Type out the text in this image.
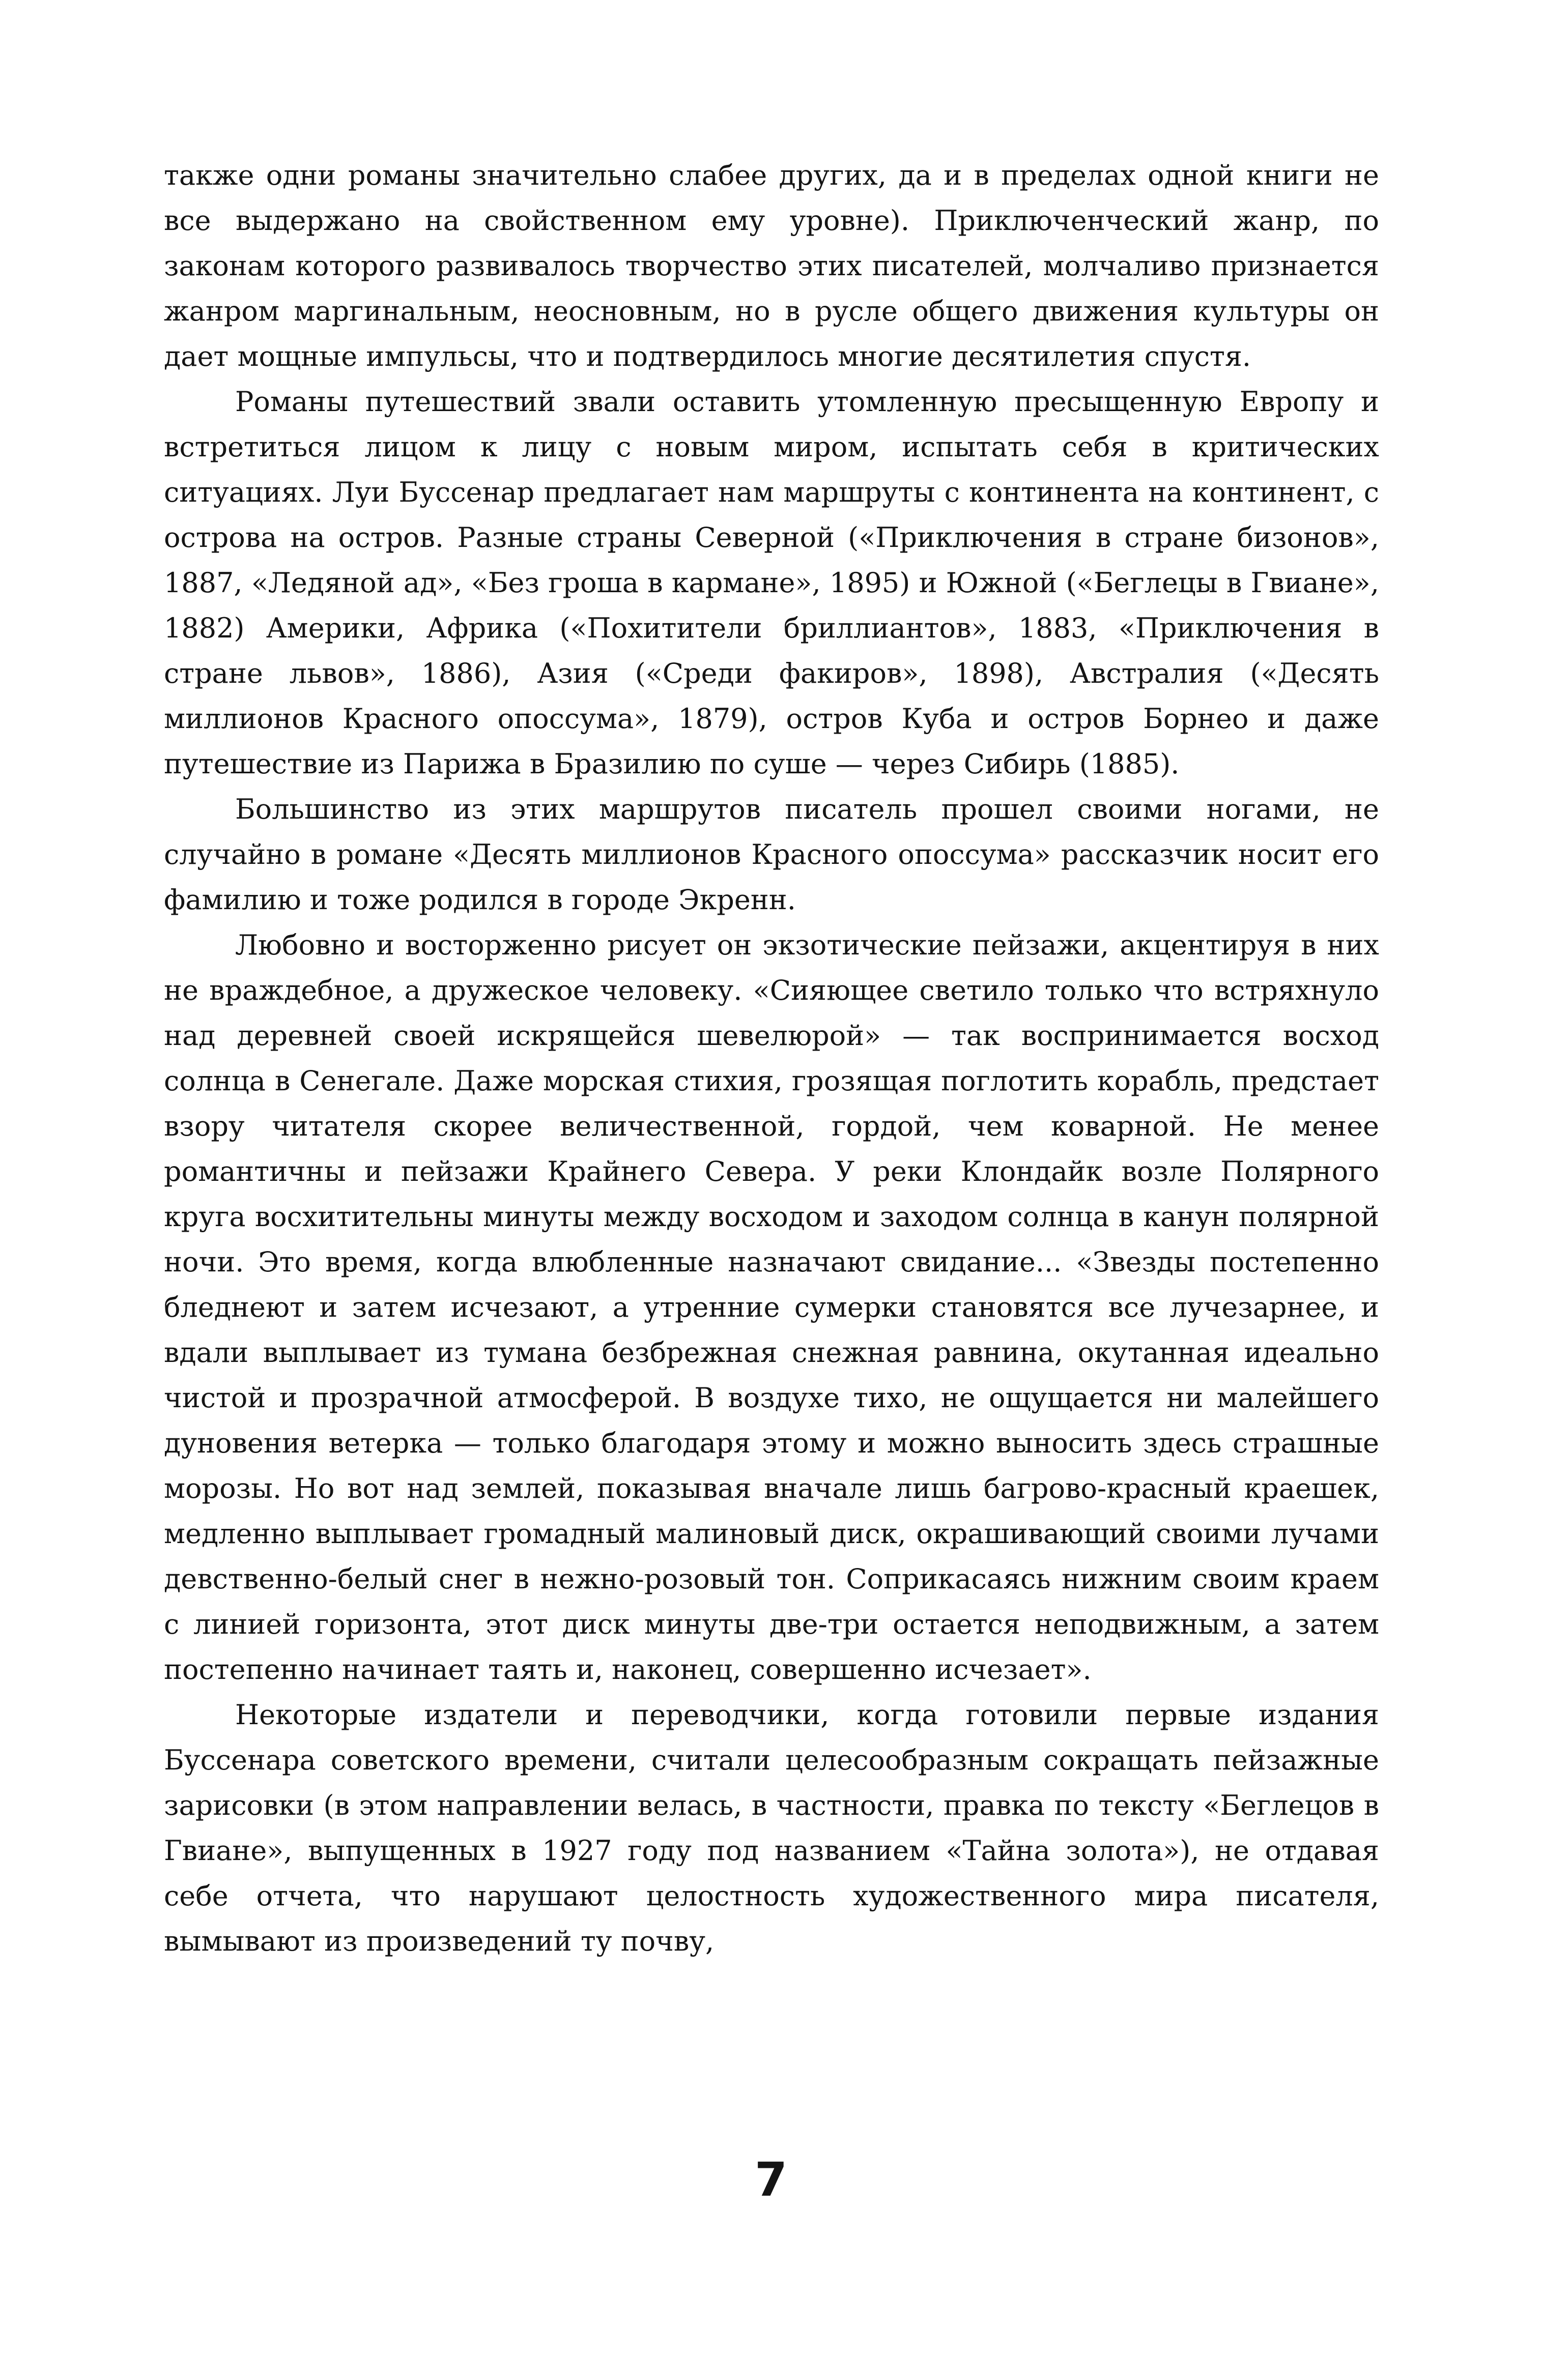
также одни романы значительно слабее других, да и в пределах одной книги не все выдержано на свойственном ему уровне). Приключенческий жанр, по законам которого развивалось творчество этих писателей, молчаливо признается жанром маргинальным, неосновным, но в русле общего движения культуры он дает мощные импульсы, что и подтвердилось многие десятилетия спустя.

Романы путешествий звали оставить утомленную пресыщенную Европу и встретиться лицом к лицу с новым миром, испытать себя в критических ситуациях. Луи Буссенар предлагает нам маршруты с континента на континент, с острова на остров. Разные страны Северной («Приключения в стране бизонов», 1887, «Ледяной ад», «Без гроша в кармане», 1895) и Южной («Беглецы в Гвиане», 1882) Америки, Африка («Похитители бриллиантов», 1883, «Приключения в стране львов», 1886), Азия («Среди факиров», 1898), Австралия («Десять миллионов Красного опоссума», 1879), остров Куба и остров Борнео и даже путешествие из Парижа в Бразилию по суше — через Сибирь (1885).

Большинство из этих маршрутов писатель прошел своими ногами, не случайно в романе «Десять миллионов Красного опоссума» рассказчик носит его фамилию и тоже родился в городе Экренн.

Любовно и восторженно рисует он экзотические пейзажи, акцентируя в них не враждебное, а дружеское человеку. «Сияющее светило только что встряхнуло над деревней своей искрящейся шевелюрой» — так воспринимается восход солнца в Сенегале. Даже морская стихия, грозящая поглотить корабль, предстает взору читателя скорее величественной, гордой, чем коварной. Не менее романтичны и пейзажи Крайнего Севера. У реки Клондайк возле Полярного круга восхитительны минуты между восходом и заходом солнца в канун полярной ночи. Это время, когда влюбленные назначают свидание... «Звезды постепенно бледнеют и затем исчезают, а утренние сумерки становятся все лучезарнее, и вдали выплывает из тумана безбрежная снежная равнина, окутанная идеально чистой и прозрачной атмосферой. В воздухе тихо, не ощущается ни малейшего дуновения ветерка — только благодаря этому и можно выносить здесь страшные морозы. Но вот над землей, показывая вначале лишь багрово-красный краешек, медленно выплывает громадный малиновый диск, окрашивающий своими лучами девственно-белый снег в нежно-розовый тон. Соприкасаясь нижним своим краем с линией горизонта, этот диск минуты две-три остается неподвижным, а затем постепенно начинает таять и, наконец, совершенно исчезает».

Некоторые издатели и переводчики, когда готовили первые издания Буссенара советского времени, считали целесообразным сокращать пейзажные зарисовки (в этом направлении велась, в частности, правка по тексту «Беглецов в Гвиане», выпущенных в 1927 году под названием «Тайна золота»), не отдавая себе отчета, что нарушают целостность художественного мира писателя, вымывают из произведений ту почву,

7
